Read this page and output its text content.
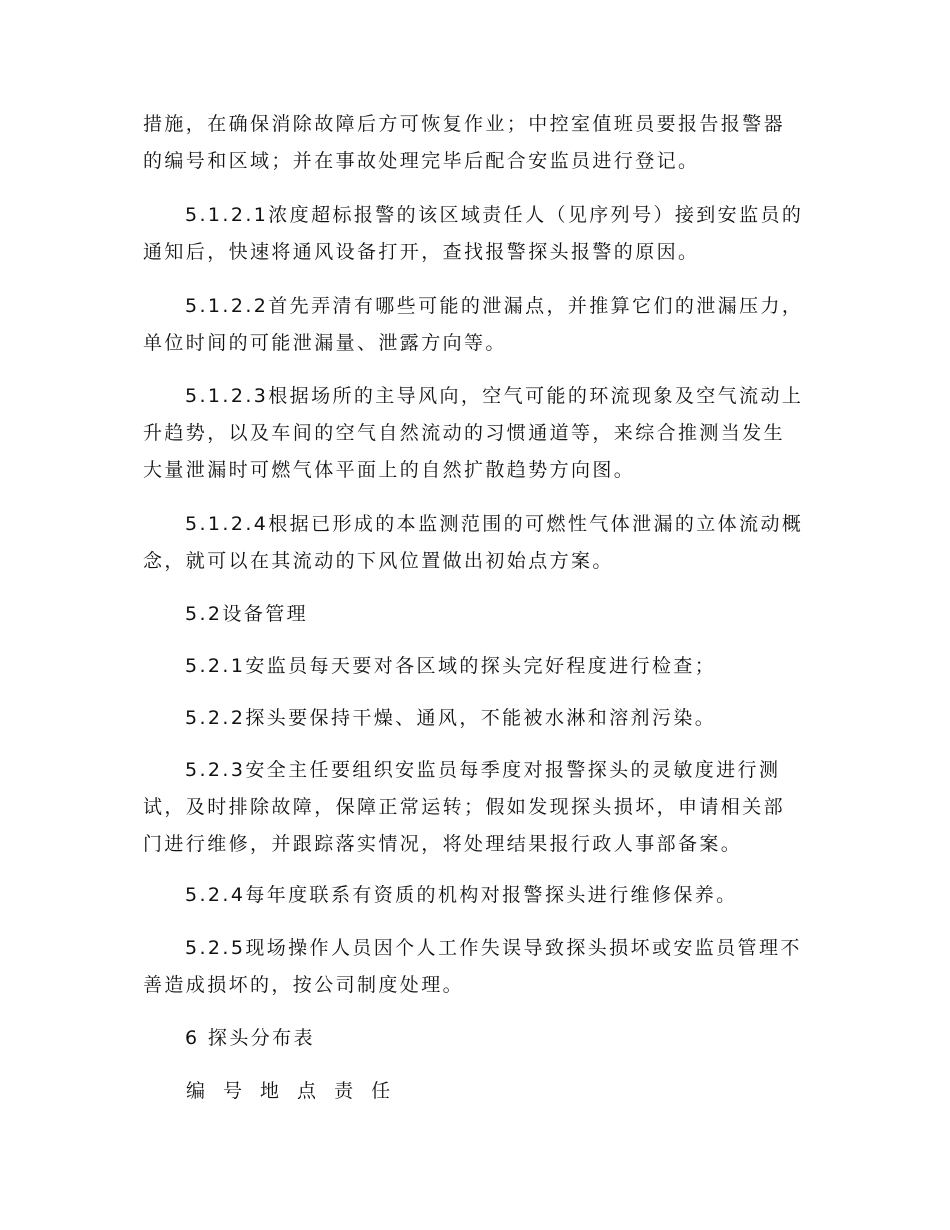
措施，在确保消除故障后方可恢复作业；中控室值班员要报告报警器
的编号和区域；并在事故处理完毕后配合安监员进行登记。
5.1.2.1浓度超标报警的该区域责任人（见序列号）接到安监员的
通知后，快速将通风设备打开，查找报警探头报警的原因。
5.1.2.2首先弄清有哪些可能的泄漏点，并推算它们的泄漏压力，
单位时间的可能泄漏量、泄露方向等。
5.1.2.3根据场所的主导风向，空气可能的环流现象及空气流动上
升趋势，以及车间的空气自然流动的习惯通道等，来综合推测当发生
大量泄漏时可燃气体平面上的自然扩散趋势方向图。
5.1.2.4根据已形成的本监测范围的可燃性气体泄漏的立体流动概
念，就可以在其流动的下风位置做出初始点方案。
5.2设备管理
5.2.1安监员每天要对各区域的探头完好程度进行检查；
5.2.2探头要保持干燥、通风，不能被水淋和溶剂污染。
5.2.3安全主任要组织安监员每季度对报警探头的灵敏度进行测
试，及时排除故障，保障正常运转；假如发现探头损坏，申请相关部
门进行维修，并跟踪落实情况，将处理结果报行政人事部备案。
5.2.4每年度联系有资质的机构对报警探头进行维修保养。
5.2.5现场操作人员因个人工作失误导致探头损坏或安监员管理不
善造成损坏的，按公司制度处理。
6 探头分布表
编 号 地 点 责 任
